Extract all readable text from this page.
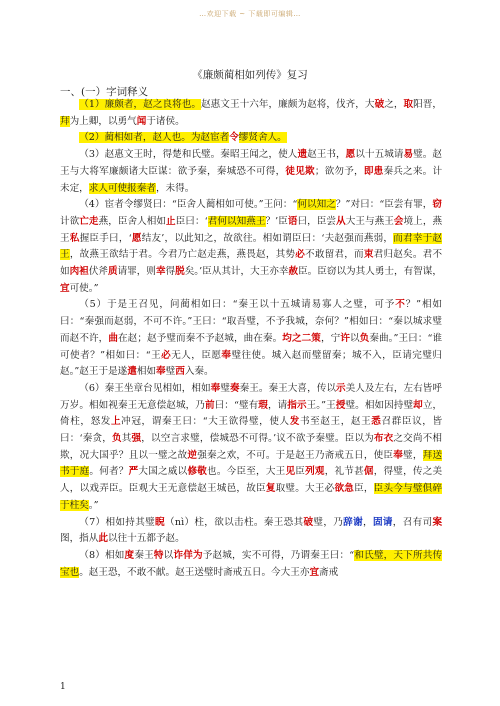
…欢迎下载 ~ 下载即可编辑…
《廉颇蔺相如列传》复习
一、(一）字词释义

（1）廉颇者，赵之良将也。赵惠文王十六年，廉颇为赵将，伐齐，大破之，取阳晋，拜为上卿，以勇气闻于诸侯。

（2）蔺相如者，赵人也。为赵宦者令缪贤舍人。

（3）赵惠文王时，得楚和氏璧。秦昭王闻之，使人遗赵王书，愿以十五城请易璧。赵王与大将军廉颇诸大臣谋：欲予秦，秦城恐不可得，徒见欺；欲勿予，即患秦兵之来。计未定，求人可使报秦者，未得。

（4）宦者令缪贤曰：“臣舍人蔺相如可使。”王问：“何以知之？”对曰：“臣尝有罪，窃计欲亡走燕，臣舍人相如止臣曰：‘君何以知燕王？’臣语曰，臣尝从大王与燕王会境上，燕王私握臣手曰，‘愿结友’，以此知之，故欲往。相如谓臣曰：‘夫赵强而燕弱，而君幸于赵王，故燕王欲结于君。今君乃亡赵走燕，燕畏赵，其势必不敢留君，而束君归赵矣。君不如肉袒伏斧质请罪，则幸得脱矣。’臣从其计，大王亦幸赦臣。臣窃以为其人勇士，有智谋，宜可使。”

（5）于是王召见，问蔺相如曰：“秦王以十五城请易寡人之璧，可予不？”相如曰：“秦强而赵弱，不可不许。”王曰：“取吾璧，不予我城，奈何？”相如曰：“秦以城求璧而赵不许，曲在赵；赵予璧而秦不予赵城，曲在秦。均之二策，宁许以负秦曲。”王曰：“谁可使者？”相如曰：“王必无人，臣愿奉璧往使。城入赵而璧留秦；城不入，臣请完璧归赵。”赵王于是遂遣相如奉璧西入秦。

（6）秦王坐章台见相如，相如奉璧奏秦王。秦王大喜，传以示美人及左右，左右皆呼万岁。相如视秦王无意偿赵城，乃前曰：“璧有瑕，请指示王。”王授璧。相如因持璧却立，倚柱，怒发上冲冠，谓秦王曰：“大王欲得璧，使人发书至赵王，赵王悉召群臣议，皆曰：‘秦贪，负其强，以空言求璧，偿城恐不可得。’议不欲予秦璧。臣以为布衣之交尚不相欺，况大国乎？且以一璧之故逆强秦之欢，不可。于是赵王乃斋戒五日，使臣奉璧，拜送书于庭。何者？严大国之威以修敬也。今臣至，大王见臣列观，礼节甚倨，得璧，传之美人，以戏弄臣。臣观大王无意偿赵王城邑，故臣复取璧。大王必欲急臣，臣头今与璧俱碎于柱矣。”

（7）相如持其璧睨（nì）柱，欲以击柱。秦王恐其破璧，乃辞谢，固请，召有司案图，指从此以往十五都予赵。

（8）相如度秦王特以诈佯为予赵城，实不可得，乃谓秦王曰：“和氏璧，天下所共传宝也。赵王恐，不敢不献。赵王送璧时斋戒五日。今大王亦宜斋戒

1
